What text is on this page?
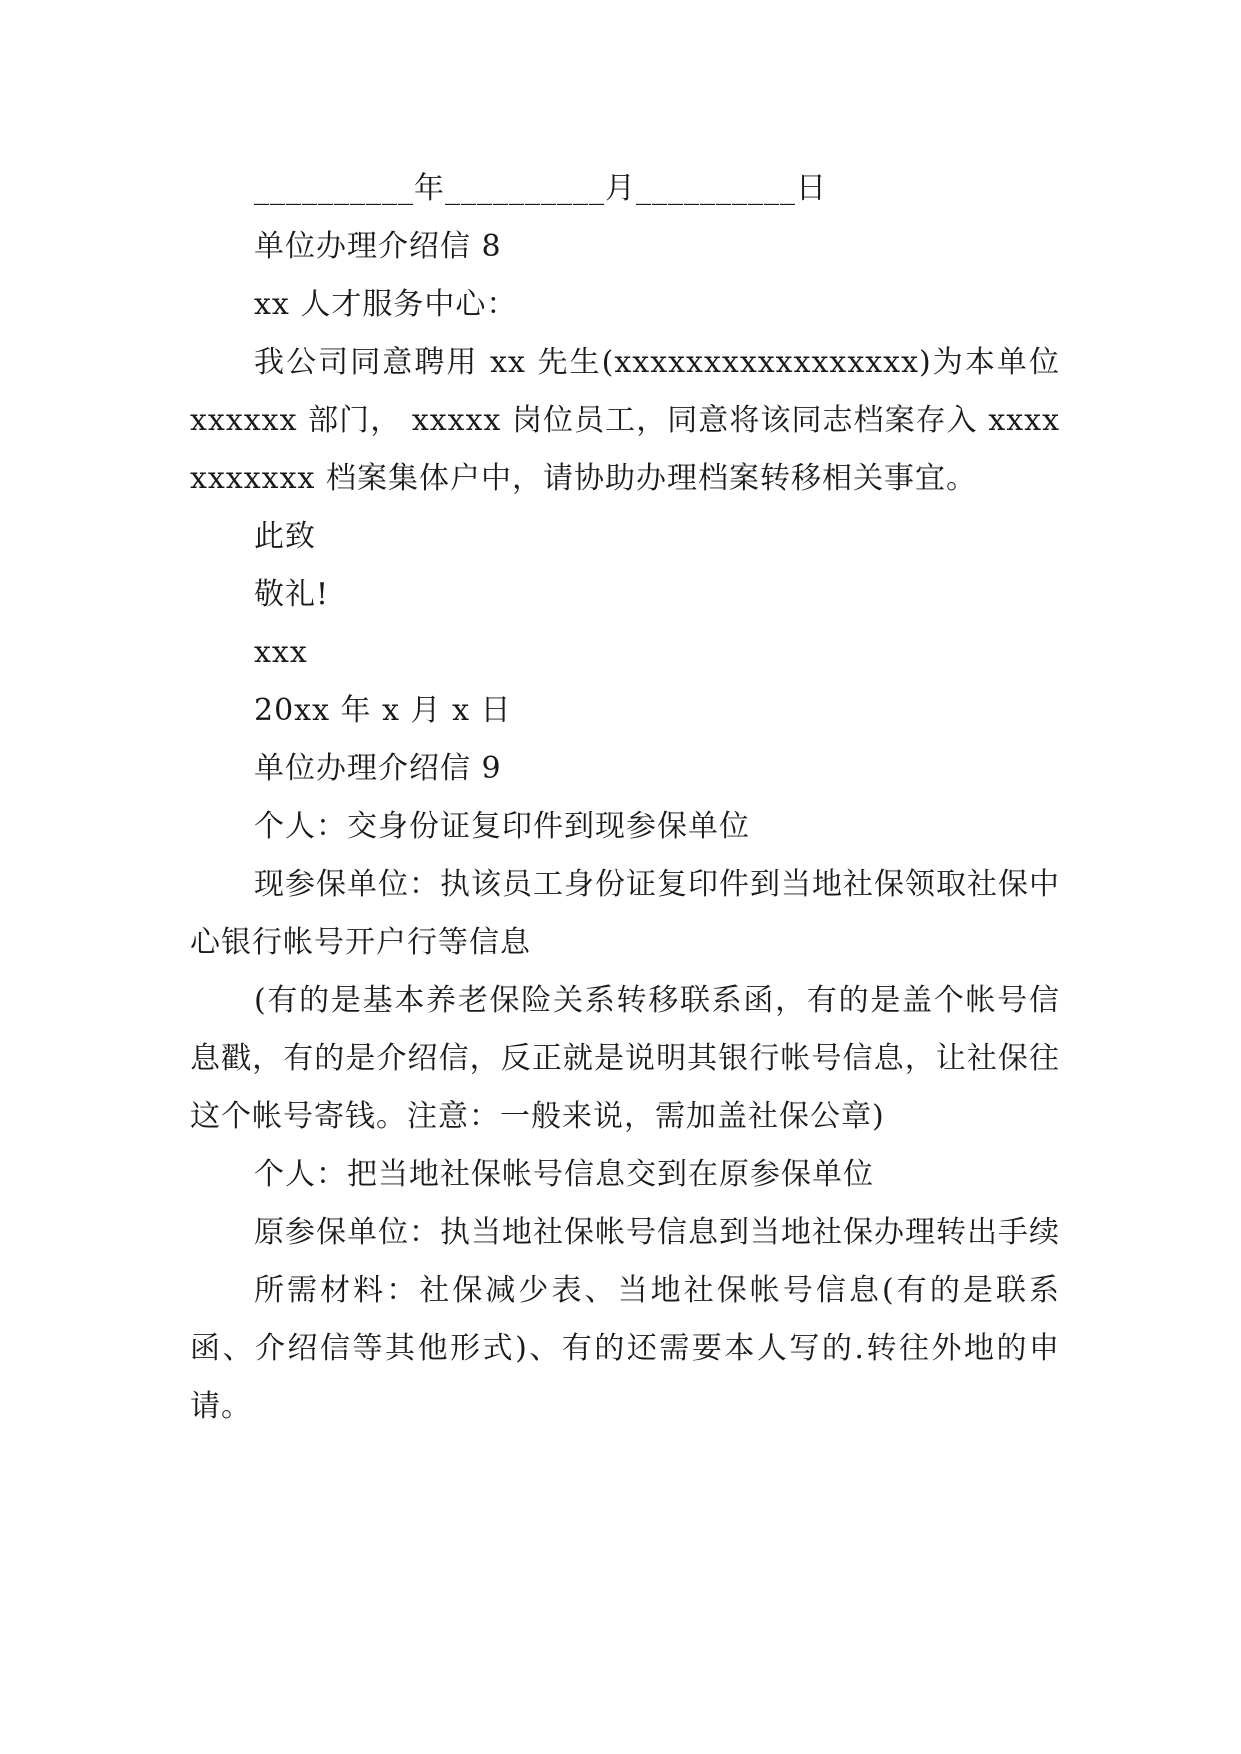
__________年__________月__________日
单位办理介绍信 8
xx 人才服务中心：
我公司同意聘用 xx 先生(xxxxxxxxxxxxxxxxx)为本单位 xxxxxx 部门， xxxxx 岗位员工，同意将该同志档案存入 xxxxxxxxxxx 档案集体户中，请协助办理档案转移相关事宜。
此致
敬礼!
xxx
20xx 年 x 月 x 日
单位办理介绍信 9
个人：交身份证复印件到现参保单位
现参保单位：执该员工身份证复印件到当地社保领取社保中心银行帐号开户行等信息
(有的是基本养老保险关系转移联系函，有的是盖个帐号信息戳，有的是介绍信，反正就是说明其银行帐号信息，让社保往这个帐号寄钱。注意：一般来说，需加盖社保公章)
个人：把当地社保帐号信息交到在原参保单位
原参保单位：执当地社保帐号信息到当地社保办理转出手续
所需材料：社保减少表、当地社保帐号信息(有的是联系函、介绍信等其他形式)、有的还需要本人写的.转往外地的申请。
